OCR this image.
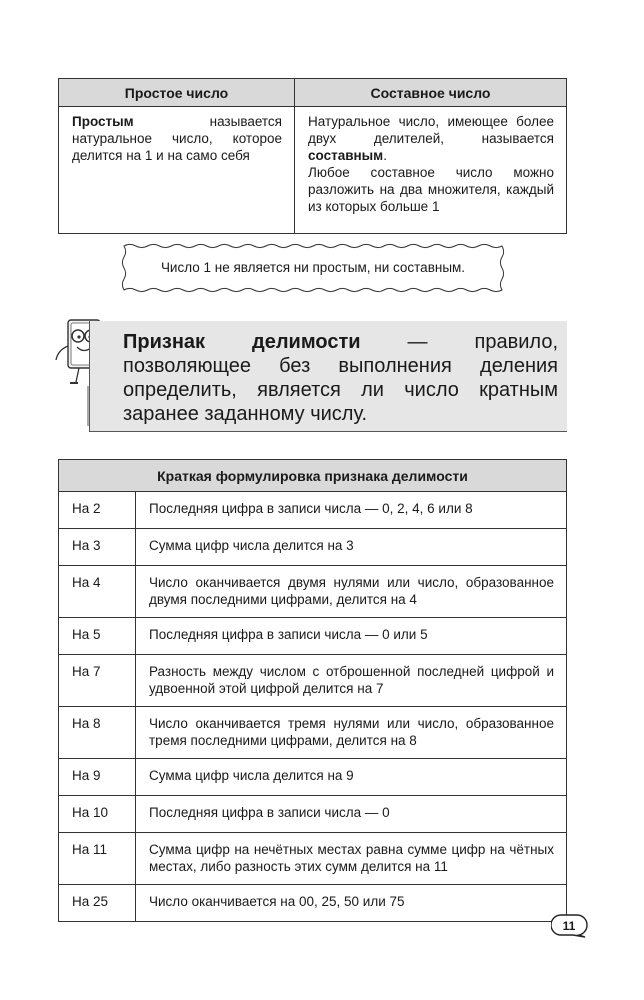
Простое число	Составное число
Простым называется натуральное число, которое делится на 1 и на само себя	Натуральное число, имеющее более двух делителей, называется составным.
Любое составное число можно разложить на два множителя, каждый из которых больше 1
Число 1 не является ни простым, ни составным.
Признак делимости — правило, позволяющее без выполнения деления определить, является ли число кратным заранее заданному числу.
Краткая формулировка признака делимости	
На 2	Последняя цифра в записи числа — 0, 2, 4, 6 или 8
На 3	Сумма цифр числа делится на 3
На 4	Число оканчивается двумя нулями или число, образованное двумя последними цифрами, делится на 4
На 5	Последняя цифра в записи числа — 0 или 5
На 7	Разность между числом с отброшенной последней цифрой и удвоенной этой цифрой делится на 7
На 8	Число оканчивается тремя нулями или число, образованное тремя последними цифрами, делится на 8
На 9	Сумма цифр числа делится на 9
На 10	Последняя цифра в записи числа — 0
На 11	Сумма цифр на нечётных местах равна сумме цифр на чётных местах, либо разность этих сумм делится на 11
На 25	Число оканчивается на 00, 25, 50 или 75
11
